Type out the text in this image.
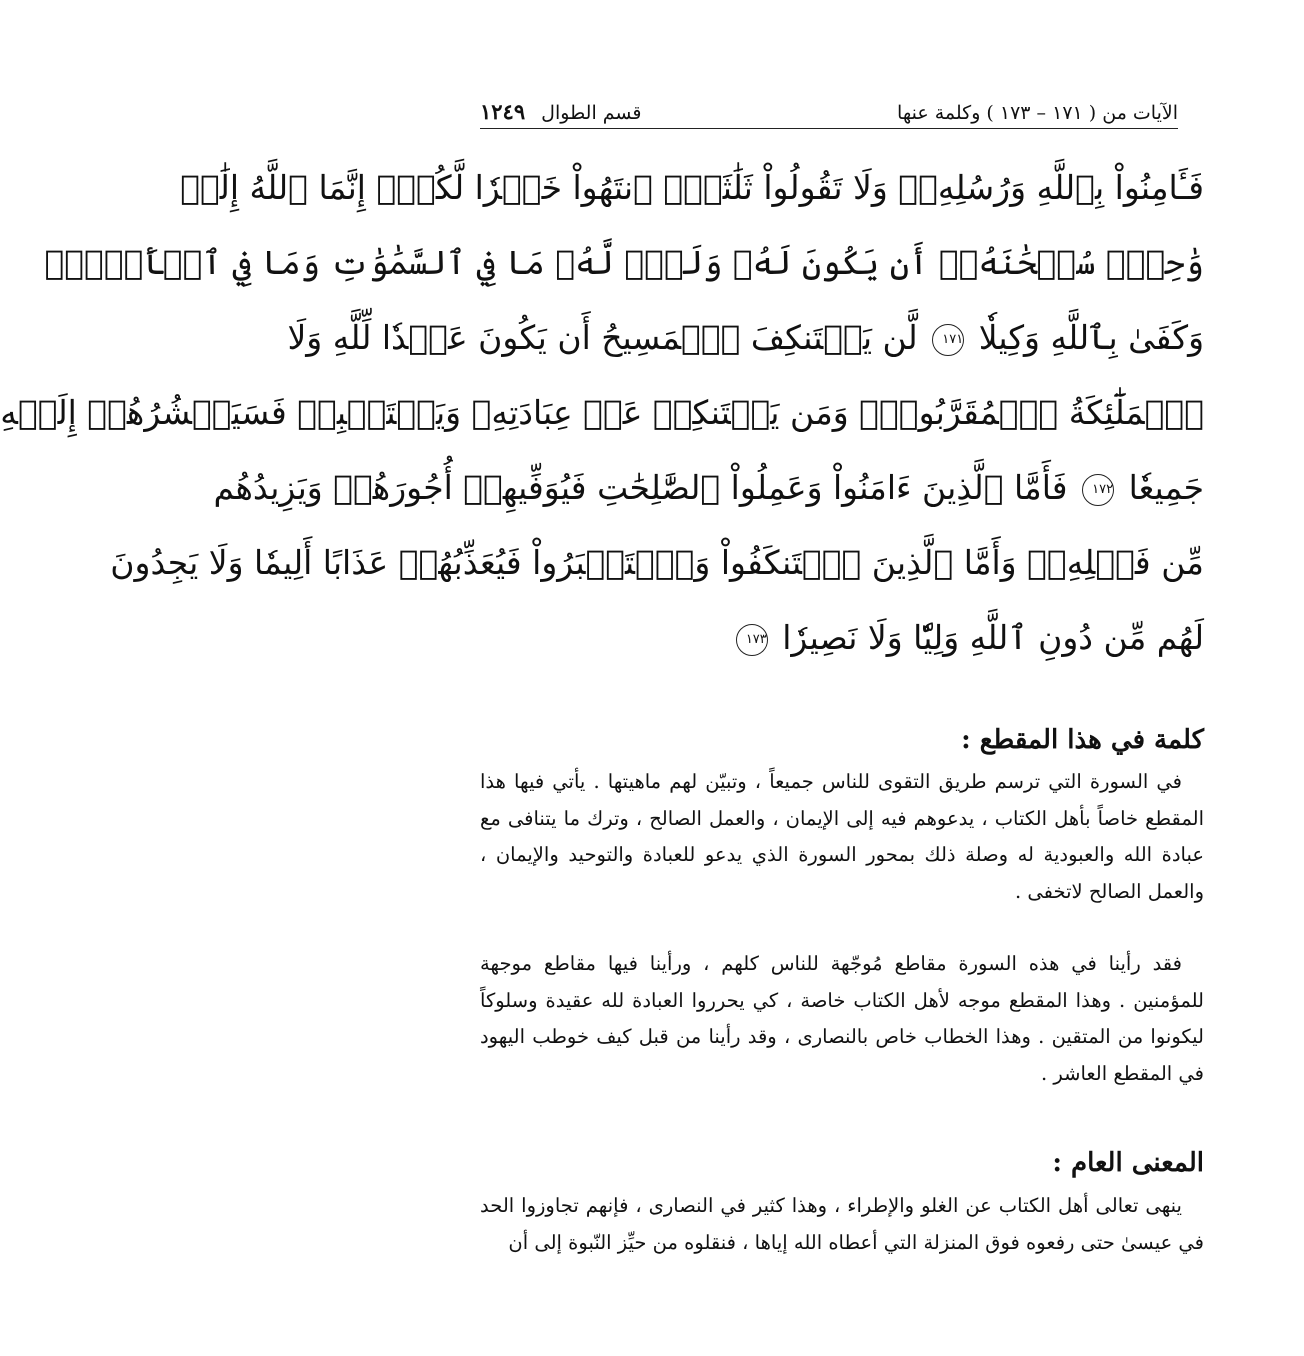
الآيات من ( ١٧١ – ١٧٣ ) وكلمة عنها
قسم الطوال ١٢٤٩
فَـَٔامِنُواْ بِٱللَّهِ وَرُسُلِهِۦۖ وَلَا تَقُولُواْ ثَلَٰثَةٌۚ ٱنتَهُواْ خَيۡرٗا لَّكُمۡۚ إِنَّمَا ٱللَّهُ إِلَٰهٞ
وَٰحِدٞۖ سُبۡحَٰنَهُۥٓ أَن يَكُونَ لَهُۥ وَلَدٞۘ لَّهُۥ مَا فِي ٱلسَّمَٰوَٰتِ وَمَا فِي ٱلۡأَرۡضِۗ
وَكَفَىٰ بِٱللَّهِ وَكِيلٗا ١٧١ لَّن يَسۡتَنكِفَ ٱلۡمَسِيحُ أَن يَكُونَ عَبۡدٗا لِّلَّهِ وَلَا
ٱلۡمَلَٰٓئِكَةُ ٱلۡمُقَرَّبُونَۚ وَمَن يَسۡتَنكِفۡ عَنۡ عِبَادَتِهِۦ وَيَسۡتَكۡبِرۡ فَسَيَحۡشُرُهُمۡ إِلَيۡهِ
جَمِيعٗا ١٧٢ فَأَمَّا ٱلَّذِينَ ءَامَنُواْ وَعَمِلُواْ ٱلصَّٰلِحَٰتِ فَيُوَفِّيهِمۡ أُجُورَهُمۡ وَيَزِيدُهُم
مِّن فَضۡلِهِۦۖ وَأَمَّا ٱلَّذِينَ ٱسۡتَنكَفُواْ وَٱسۡتَكۡبَرُواْ فَيُعَذِّبُهُمۡ عَذَابًا أَلِيمٗا وَلَا يَجِدُونَ
لَهُم مِّن دُونِ ٱللَّهِ وَلِيّٗا وَلَا نَصِيرٗا ١٧٣
كلمة في هذا المقطع :

في السورة التي ترسم طريق التقوى للناس جميعاً ، وتبيّن لهم ماهيتها . يأتي فيها هذا المقطع خاصاً بأهل الكتاب ، يدعوهم فيه إلى الإيمان ، والعمل الصالح ، وترك ما يتنافى مع عبادة الله والعبودية له وصلة ذلك بمحور السورة الذي يدعو للعبادة والتوحيد والإيمان ، والعمل الصالح لاتخفى .

فقد رأينا في هذه السورة مقاطع مُوجّهة للناس كلهم ، ورأينا فيها مقاطع موجهة للمؤمنين . وهذا المقطع موجه لأهل الكتاب خاصة ، كي يحرروا العبادة لله عقيدة وسلوكاً ليكونوا من المتقين . وهذا الخطاب خاص بالنصارى ، وقد رأينا من قبل كيف خوطب اليهود في المقطع العاشر .

المعنى العام :

ينهى تعالى أهل الكتاب عن الغلو والإطراء ، وهذا كثير في النصارى ، فإنهم تجاوزوا الحد في عيسىٰ حتى رفعوه فوق المنزلة التي أعطاه الله إياها ، فنقلوه من حيِّز النّبوة إلى أن
